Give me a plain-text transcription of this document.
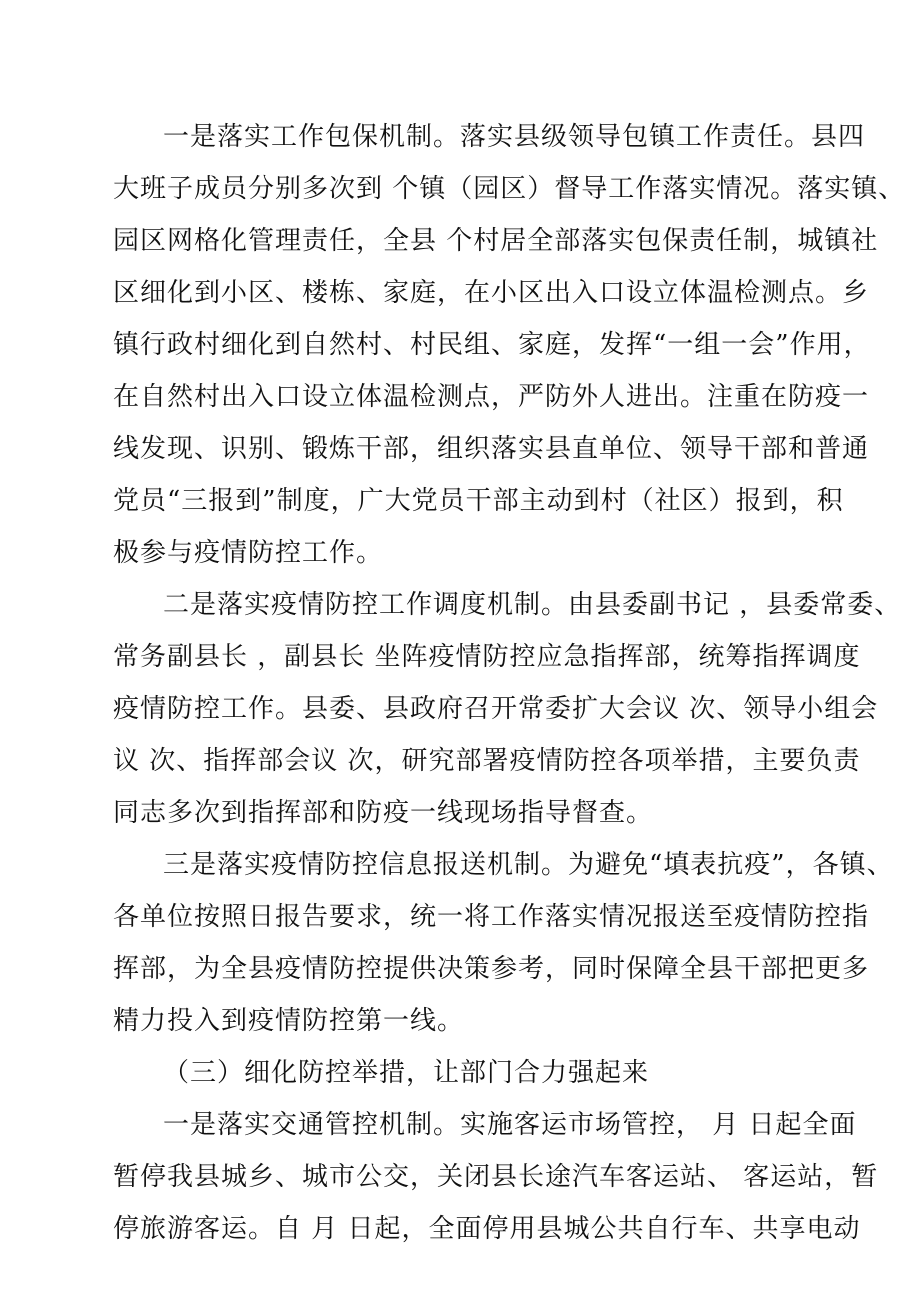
一是落实工作包保机制。落实县级领导包镇工作责任。县四
大班子成员分别多次到 个镇（园区）督导工作落实情况。落实镇、
园区网格化管理责任，全县 个村居全部落实包保责任制，城镇社
区细化到小区、楼栋、家庭，在小区出入口设立体温检测点。乡
镇行政村细化到自然村、村民组、家庭，发挥“一组一会”作用，
在自然村出入口设立体温检测点，严防外人进出。注重在防疫一
线发现、识别、锻炼干部，组织落实县直单位、领导干部和普通
党员“三报到”制度，广大党员干部主动到村（社区）报到，积
极参与疫情防控工作。
二是落实疫情防控工作调度机制。由县委副书记 ，县委常委、
常务副县长 ，副县长 坐阵疫情防控应急指挥部，统筹指挥调度
疫情防控工作。县委、县政府召开常委扩大会议 次、领导小组会
议 次、指挥部会议 次，研究部署疫情防控各项举措，主要负责
同志多次到指挥部和防疫一线现场指导督查。
三是落实疫情防控信息报送机制。为避免“填表抗疫”，各镇、
各单位按照日报告要求，统一将工作落实情况报送至疫情防控指
挥部，为全县疫情防控提供决策参考，同时保障全县干部把更多
精力投入到疫情防控第一线。
（三）细化防控举措，让部门合力强起来
一是落实交通管控机制。实施客运市场管控， 月 日起全面
暂停我县城乡、城市公交，关闭县长途汽车客运站、 客运站，暂
停旅游客运。自 月 日起，全面停用县城公共自行车、共享电动
